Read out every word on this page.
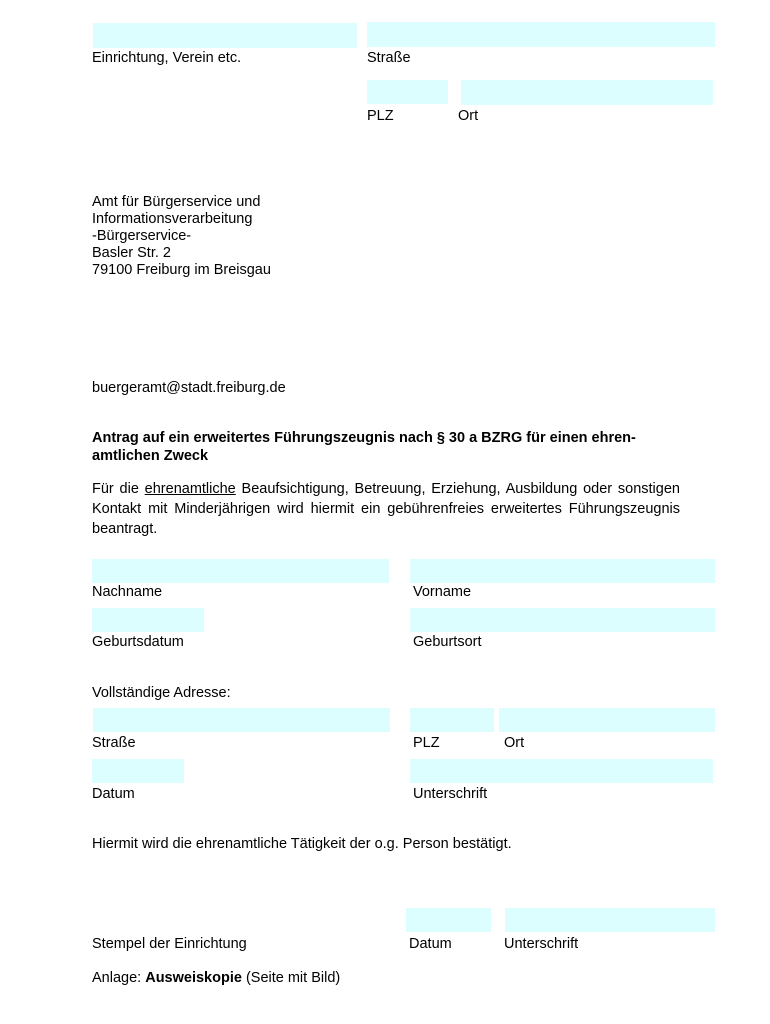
Einrichtung, Verein etc.	Straße
PLZ	Ort
Amt für Bürgerservice und
Informationsverarbeitung
-Bürgerservice-
Basler Str. 2
79100 Freiburg im Breisgau
buergeramt@stadt.freiburg.de
Antrag auf ein erweitertes Führungszeugnis nach § 30 a BZRG für einen ehren-amtlichen Zweck
Für die ehrenamtliche Beaufsichtigung, Betreuung, Erziehung, Ausbildung oder sonstigen Kontakt mit Minderjährigen wird hiermit ein gebührenfreies erweitertes Führungszeugnis beantragt.
Nachname	Vorname
Geburtsdatum	Geburtsort
Vollständige Adresse:
Straße	PLZ	Ort
Datum	Unterschrift
Hiermit wird die ehrenamtliche Tätigkeit der o.g. Person bestätigt.
Stempel der Einrichtung	Datum	Unterschrift
Anlage: Ausweiskopie (Seite mit Bild)
